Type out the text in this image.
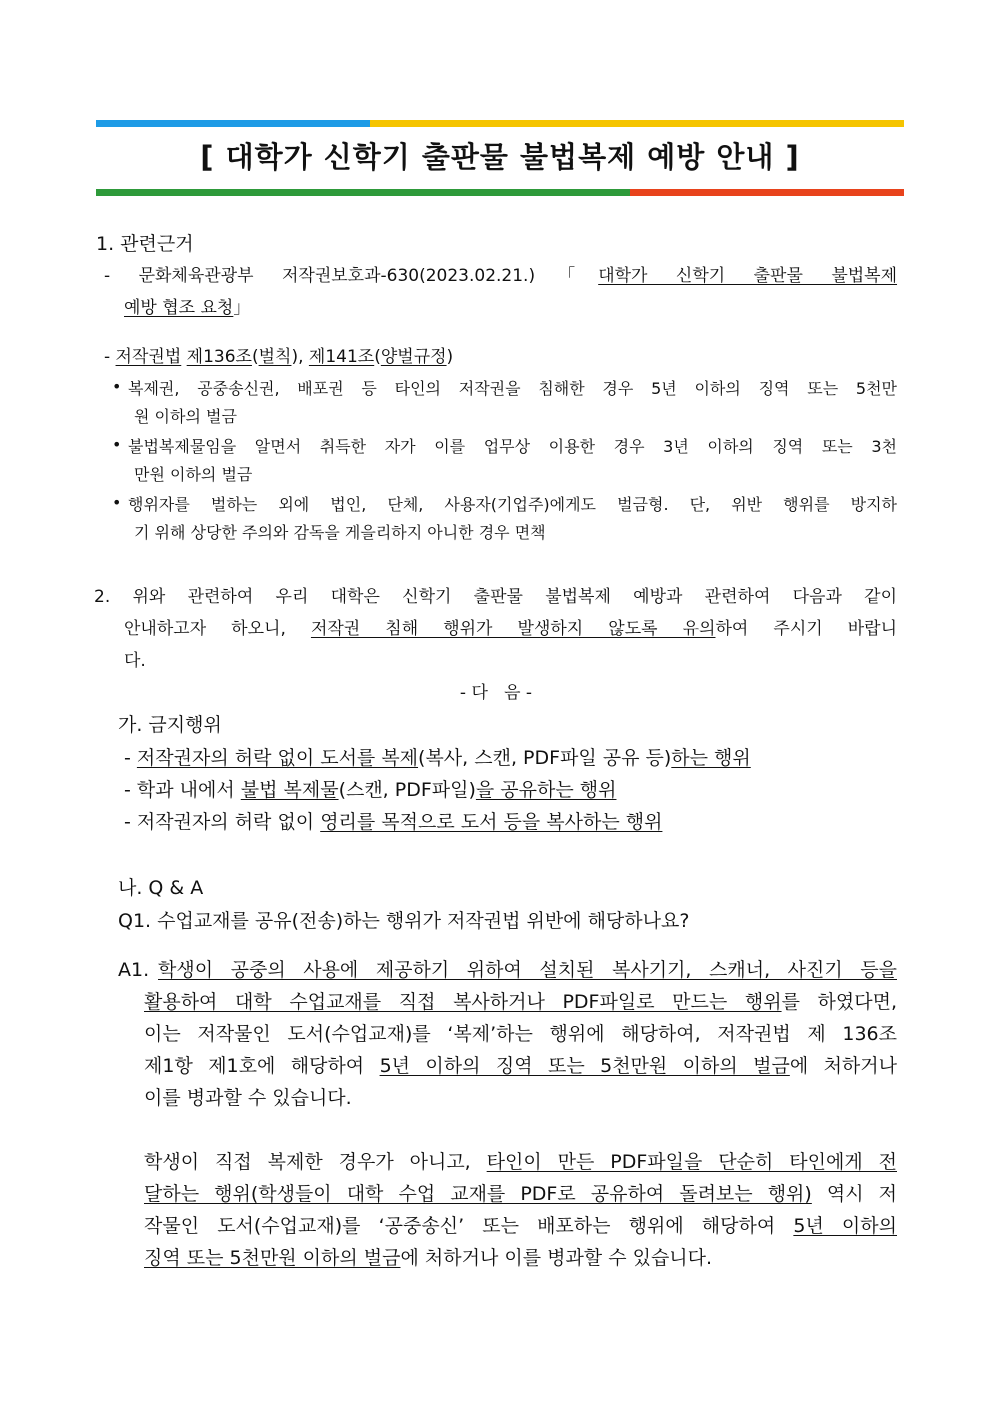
[ 대학가 신학기 출판물 불법복제 예방 안내 ]
1. 관련근거
- 문화체육관광부 저작권보호과-630(2023.02.21.)「대학가 신학기 출판물 불법복제
예방 협조 요청」
- 저작권법 제136조(벌칙), 제141조(양벌규정)
• 복제권, 공중송신권, 배포권 등 타인의 저작권을 침해한 경우 5년 이하의 징역 또는 5천만
원 이하의 벌금
• 불법복제물임을 알면서 취득한 자가 이를 업무상 이용한 경우 3년 이하의 징역 또는 3천
만원 이하의 벌금
• 행위자를 벌하는 외에 법인, 단체, 사용자(기업주)에게도 벌금형. 단, 위반 행위를 방지하
기 위해 상당한 주의와 감독을 게을리하지 아니한 경우 면책
2. 위와 관련하여 우리 대학은 신학기 출판물 불법복제 예방과 관련하여 다음과 같이
안내하고자 하오니, 저작권 침해 행위가 발생하지 않도록 유의하여 주시기 바랍니
다.
- 다   음 -
가. 금지행위
- 저작권자의 허락 없이 도서를 복제(복사, 스캔, PDF파일 공유 등)하는 행위
- 학과 내에서 불법 복제물(스캔, PDF파일)을 공유하는 행위
- 저작권자의 허락 없이 영리를 목적으로 도서 등을 복사하는 행위
나. Q & A
Q1. 수업교재를 공유(전송)하는 행위가 저작권법 위반에 해당하나요?
A1. 학생이 공중의 사용에 제공하기 위하여 설치된 복사기기, 스캐너, 사진기 등을
활용하여 대학 수업교재를 직접 복사하거나 PDF파일로 만드는 행위를 하였다면,
이는 저작물인 도서(수업교재)를 ‘복제’하는 행위에 해당하여, 저작권법 제 136조
제1항 제1호에 해당하여 5년 이하의 징역 또는 5천만원 이하의 벌금에 처하거나
이를 병과할 수 있습니다.
학생이 직접 복제한 경우가 아니고, 타인이 만든 PDF파일을 단순히 타인에게 전
달하는 행위(학생들이 대학 수업 교재를 PDF로 공유하여 돌려보는 행위) 역시 저
작물인 도서(수업교재)를 ‘공중송신’ 또는 배포하는 행위에 해당하여 5년 이하의
징역 또는 5천만원 이하의 벌금에 처하거나 이를 병과할 수 있습니다.
